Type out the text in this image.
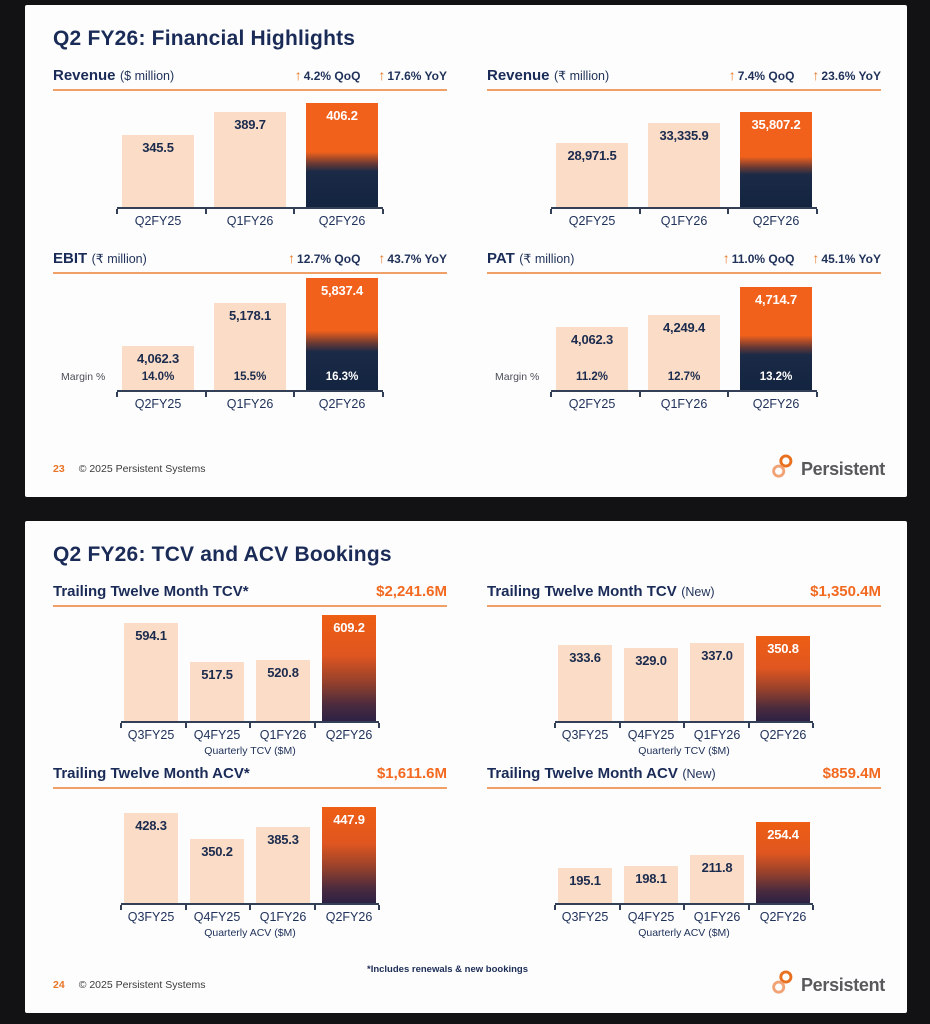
Q2 FY26: Financial Highlights
Revenue ($ million)	↑ 4.2% QoQ ↑ 17.6% YoY
345.5
389.7
406.2
Q2FY25	Q1FY26	Q2FY26
Revenue (₹ million)	↑ 7.4% QoQ ↑ 23.6% YoY
28,971.5
33,335.9
35,807.2
Q2FY25	Q1FY26	Q2FY26
EBIT (₹ million)	↑ 12.7% QoQ ↑ 43.7% YoY
Margin %
4,062.3
14.0%
5,178.1
15.5%
5,837.4
16.3%
Q2FY25	Q1FY26	Q2FY26
PAT (₹ million)	↑ 11.0% QoQ ↑ 45.1% YoY
Margin %
4,062.3
11.2%
4,249.4
12.7%
4,714.7
13.2%
Q2FY25	Q1FY26	Q2FY26
23 © 2025 Persistent Systems	Persistent
Q2 FY26: TCV and ACV Bookings
Trailing Twelve Month TCV*	$2,241.6M
594.1
517.5	520.8
609.2
Q3FY25 Q4FY25 Q1FY26 Q2FY26
Quarterly TCV ($M)
Trailing Twelve Month TCV (New)	$1,350.4M
333.6	329.0	337.0	350.8
Q3FY25 Q4FY25 Q1FY26 Q2FY26
Quarterly TCV ($M)
Trailing Twelve Month ACV*	$1,611.6M
428.3
350.2
385.3
447.9
Q3FY25 Q4FY25 Q1FY26 Q2FY26
Quarterly ACV ($M)
Trailing Twelve Month ACV (New)	$859.4M
195.1	198.1
211.8
254.4
Q3FY25 Q4FY25 Q1FY26 Q2FY26
Quarterly ACV ($M)
*Includes renewals & new bookings
24 © 2025 Persistent Systems	Persistent
